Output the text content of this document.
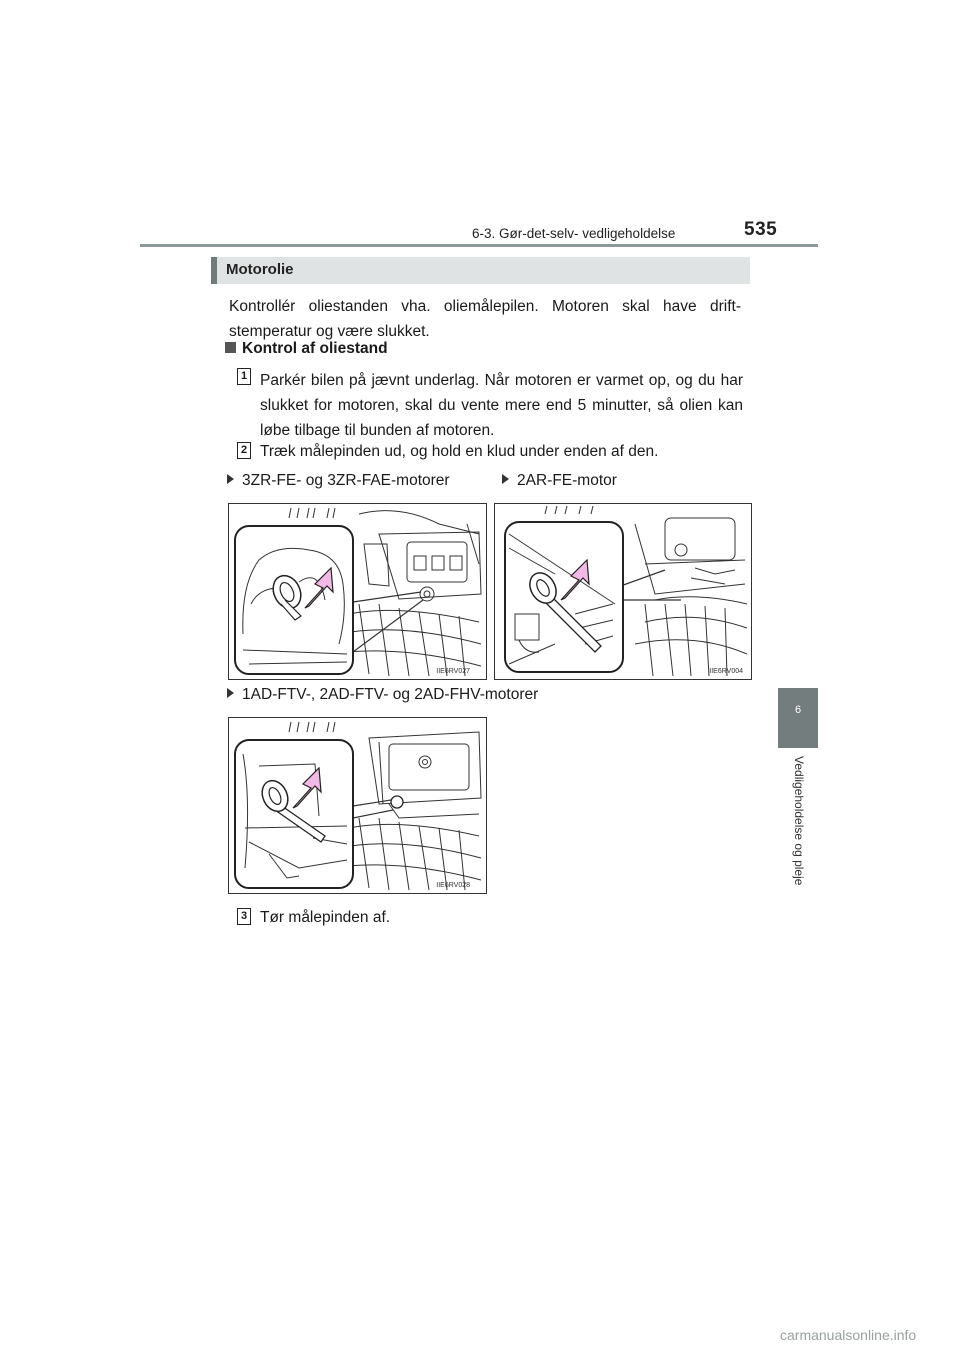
6-3. Gør-det-selv- vedligeholdelse	535
6
Vedligeholdelse og pleje
Motorolie
Kontrollér oliestanden vha. oliemålepilen. Motoren skal have drift-stemperatur og være slukket.
Kontrol af oliestand
1 Parkér bilen på jævnt underlag. Når motoren er varmet op, og du har slukket for motoren, skal du vente mere end 5 minutter, så olien kan løbe tilbage til bunden af motoren.
2 Træk målepinden ud, og hold en klud under enden af den.
3ZR-FE- og 3ZR-FAE-motorer	2AR-FE-motor
IIE6RV027	IIE6RV004
1AD-FTV-, 2AD-FTV- og 2AD-FHV-motorer
IIE6RV028
3 Tør målepinden af.
carmanualsonline.info
